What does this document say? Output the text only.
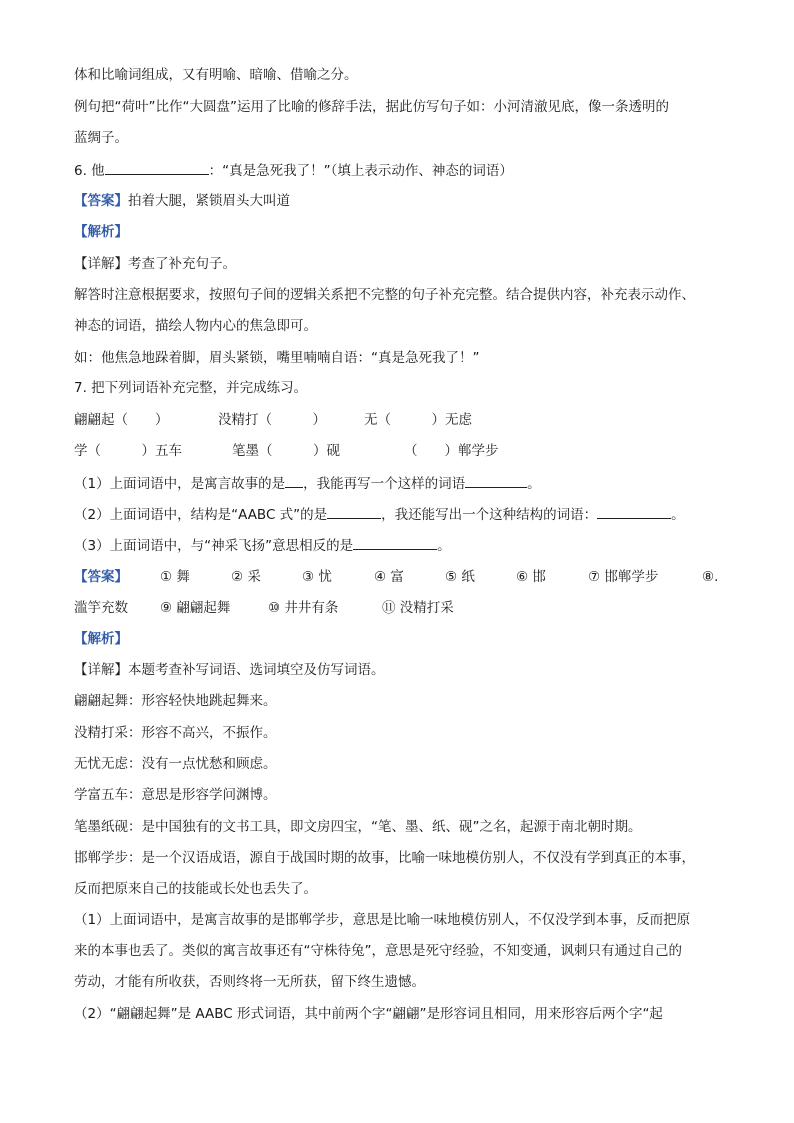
体和比喻词组成，又有明喻、暗喻、借喻之分。
例句把“荷叶”比作“大圆盘”运用了比喻的修辞手法，据此仿写句子如：小河清澈见底，像一条透明的
蓝绸子。
6. 他	：“真是急死我了！”（填上表示动作、神态的词语）
【答案】拍着大腿，紧锁眉头大叫道
【解析】
【详解】考查了补充句子。
解答时注意根据要求，按照句子间的逻辑关系把不完整的句子补充完整。结合提供内容，补充表示动作、
神态的词语，描绘人物内心的焦急即可。
如：他焦急地跺着脚，眉头紧锁，嘴里喃喃自语：“真是急死我了！”
7. 把下列词语补充完整，并完成练习。
翩翩起（　　）	没精打（　　　）	无（　　　）无虑
学（　　　）五车	笔墨（　　　）砚	（　　）郸学步
（1）上面词语中，是寓言故事的是 ，我能再写一个这样的词语	。
（2）上面词语中，结构是“AABC 式”的是	，我还能写出一个这种结构的词语：	。
（3）上面词语中，与“神采飞扬”意思相反的是	。
【答案】 ① 舞	② 采	③ 忧	④ 富	⑤ 纸	⑥ 邯	⑦ 邯郸学步	⑧.
滥竽充数 ⑨ 翩翩起舞	⑩ 井井有条	⑪ 没精打采
【解析】
【详解】本题考查补写词语、选词填空及仿写词语。
翩翩起舞：形容轻快地跳起舞来。
没精打采：形容不高兴，不振作。
无忧无虑：没有一点忧愁和顾虑。
学富五车：意思是形容学问渊博。
笔墨纸砚：是中国独有的文书工具，即文房四宝，“笔、墨、纸、砚”之名，起源于南北朝时期。
邯郸学步：是一个汉语成语，源自于战国时期的故事，比喻一味地模仿别人，不仅没有学到真正的本事，
反而把原来自己的技能或长处也丢失了。
（1）上面词语中，是寓言故事的是邯郸学步，意思是比喻一味地模仿别人，不仅没学到本事，反而把原
来的本事也丢了。类似的寓言故事还有“守株待兔”，意思是死守经验，不知变通，讽刺只有通过自己的
劳动，才能有所收获，否则终将一无所获，留下终生遗憾。
（2）“翩翩起舞”是 AABC 形式词语，其中前两个字“翩翩”是形容词且相同，用来形容后两个字“起
